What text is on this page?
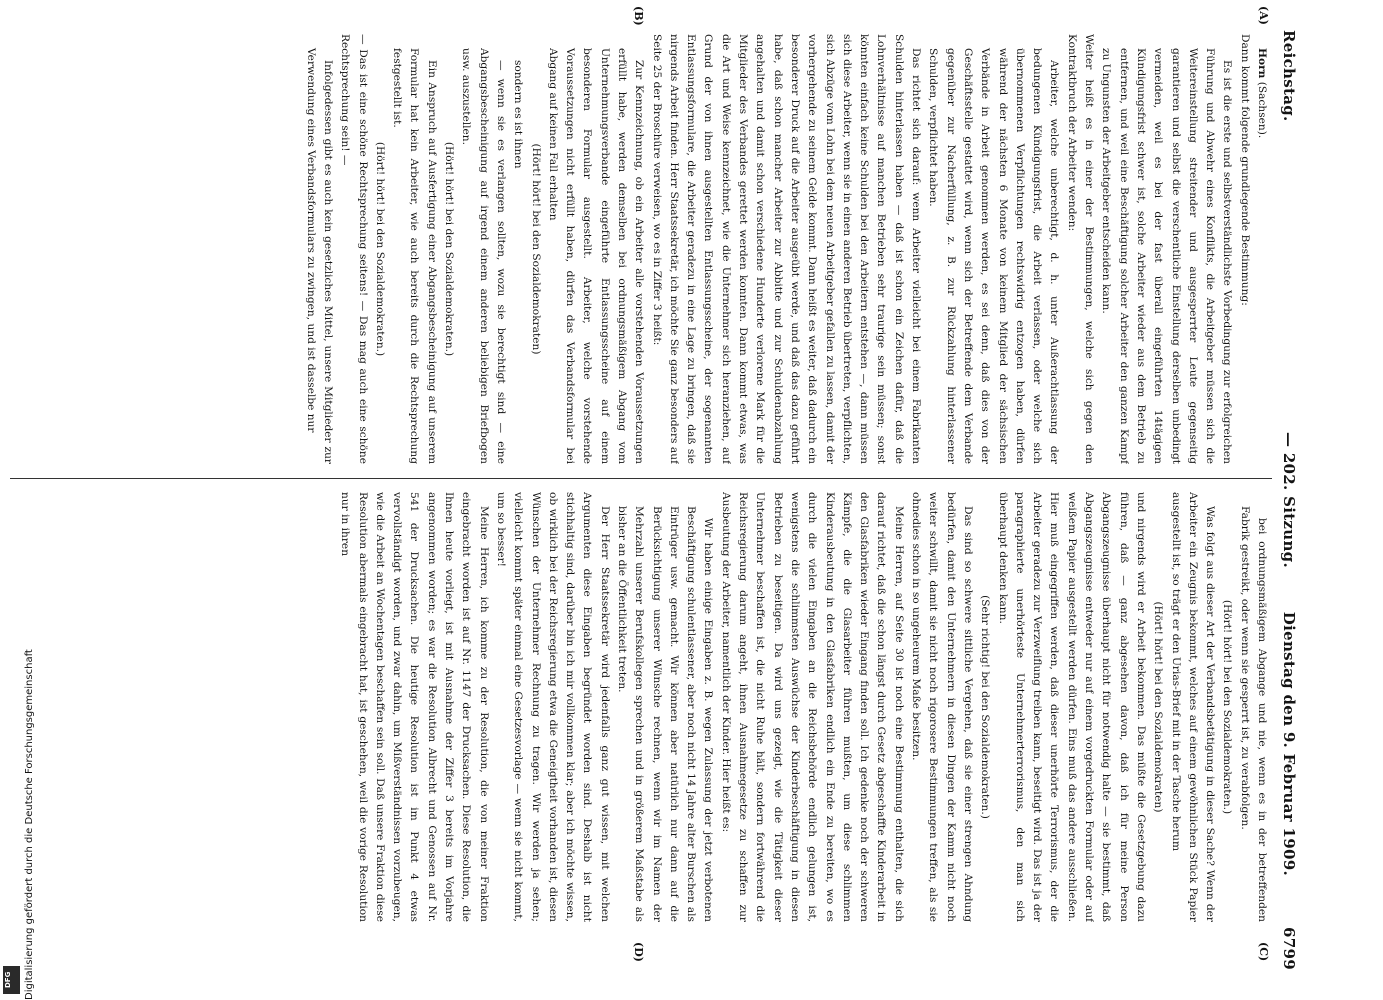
Reichstag.
— 202. Sitzung.
Dienstag den 9. Februar 1909.  6799
(A)
(B)
(C)
(D)

Horn (Sachsen).

Dann kommt folgende grundlegende Bestimmung:

Es ist die erste und selbstverständlichste Vorbedingung zur erfolgreichen Führung und Abwehr eines Konflikts, die Arbeitgeber müssen sich die Weitereinstellung streitender und ausgesperrter Leute gegenseitig garantieren und selbst die verschentliche Einstellung derselben unbedingt vermeiden, weil es bei der fast überall eingeführten 14tägigen Kündigungsfrist schwer ist, solche Arbeiter wieder aus dem Betrieb zu entfernen, und weil eine Beschäftigung solcher Arbeiter den ganzen Kampf zu Ungunsten der Arbeitgeber entscheiden kann.

Weiter heißt es in einer der Bestimmungen, welche sich gegen den Kontraktbruch der Arbeiter wenden:

Arbeiter, welche unberechtigt, d. h. unter Außerachtlassung der bedungenen Kündigungsfrist, die Arbeit verlassen, oder welche sich übernommenen Verpflichtungen rechtswidrig entzogen haben, dürfen während der nächsten 6 Monate von keinem Mitglied der sächsischen Verbände in Arbeit genommen werden, es sei denn, daß dies von der Geschäftsstelle gestattet wird, wenn sich der Betreffende dem Verbande gegenüber zur Nacherfüllung, z. B. zur Rückzahlung hinterlassener Schulden, verpflichtet haben.

Das richtet sich darauf: wenn Arbeiter vielleicht bei einem Fabrikanten Schulden hinterlassen haben — daß ist schon ein Zeichen dafür, daß die Lohnverhältnisse auf manchen Betrieben sehr traurige sein müssen; sonst könnten einfach keine Schulden bei den Arbeitern entstehen —, dann müssen sich diese Arbeiter, wenn sie in einen anderen Betrieb übertreten, verpflichten, sich Abzüge vom Lohn bei dem neuen Arbeitgeber gefallen zu lassen, damit der vorhergehende zu seinem Gelde kommt. Dann heißt es weiter, daß dadurch ein besonderer Druck auf die Arbeiter ausgeübt werde, und daß das dazu geführt habe, daß schon mancher Arbeiter zur Abbitte und zur Schuldenabzahlung angehalten und damit schon verschiedene Hunderte verlorene Mark für die Mitglieder des Verbandes gerettet werden konnten. Dann kommt etwas, was die Art und Weise kennzeichnet, wie die Unternehmer sich heranziehen, auf Grund der von ihnen ausgestellten Entlassungsscheine, der sogenannten Entlassungsformulare, die Arbeiter geradezu in eine Lage zu bringen, daß sie nirgends Arbeit finden. Herr Staatssekretär, ich möchte Sie ganz besonders auf Seite 25 der Broschüre verweisen, wo es in Ziffer 3 heißt:

Zur Kennzeichnung, ob ein Arbeiter alle vorstehenden Voraussetzungen erfüllt habe, werden demselben bei ordnungsmäßigem Abgang vom Unternehmungsverbande eingeführte Entlassungsscheine auf einem besonderen Formular ausgestellt. Arbeiter, welche vorstehende Voraussetzungen nicht erfüllt haben, dürfen das Verbandsformular bei Abgang auf keinen Fall erhalten

(Hört! hört! bei den Sozialdemokraten)

sondern es ist ihnen

— wenn sie es verlangen sollten, wozu sie berechtigt sind — eine Abgangsbescheinigung auf irgend einem anderen beliebigen Briefbogen usw. auszustellen.

(Hört! hört! bei den Sozialdemokraten.)

Ein Anspruch auf Ausfertigung einer Abgangsbescheinigung auf unserem Formular hat kein Arbeiter, wie auch bereits durch die Rechtsprechung festgestellt ist.

(Hört! hört! bei den Sozialdemokraten.)

— Das ist eine schöne Rechtsprechung seitens! — Das mag auch eine schöne Rechtsprechung sein! —

Infolgedessen gibt es auch kein gesetzliches Mittel, unsere Mitglieder zur Verwendung eines Verbandsformulars zu zwingen, und ist dasselbe nur

bei ordnungsmäßigem Abgange und nie, wenn es in der betreffenden Fabrik gestreikt, oder wenn sie gesperrt ist, zu verabfolgen.

(Hört! hört! bei den Sozialdemokraten.)

Was folgt aus dieser Art der Verbandsbetätigung in dieser Sache? Wenn der Arbeiter ein Zeugnis bekommt, welches auf einem gewöhnlichen Stück Papier ausgestellt ist, so trägt er den Urias-Brief mit in der Tasche herum

(Hört! hört! bei den Sozialdemokraten)

und nirgends wird er Arbeit bekommen. Das müßte die Gesetzgebung dazu führen, daß — ganz abgesehen davon, daß ich für meine Person Abgangszeugnisse überhaupt nicht für notwendig halte — sie bestimmt, daß Abgangszeugnisse entweder nur auf einem vorgedruckten Formular oder auf weißem Papier ausgestellt werden dürfen. Eins muß das andere ausschließen. Hier muß eingegriffen werden, daß dieser unerhörte Terrorismus, der die Arbeiter geradezu zur Verzweiflung treiben kann, beseitigt wird. Das ist ja der paragraphierte unerhörteste Unternehmerterrorismus, den man sich überhaupt denken kann.

(Sehr richtig! bei den Sozialdemokraten.)

Das sind so schwere sittliche Vergehen, daß sie einer strengen Ahndung bedürfen, damit den Unternehmern in diesen Dingen der Kamm nicht noch weiter schwillt, damit sie nicht noch rigorosere Bestimmungen treffen, als sie ohnedies schon in so ungeheurem Maße besitzen.

Meine Herren, auf Seite 30 ist noch eine Bestimmung enthalten, die sich darauf richtet, daß die schon längst durch Gesetz abgeschaffte Kinderarbeit in den Glasfabriken wieder Eingang finden soll. Ich gedenke noch der schweren Kämpfe, die die Glasarbeiter führen mußten, um diese schlimmen Kinderausbeutung in den Glasfabriken endlich ein Ende zu bereiten, wo es durch die vielen Eingaben an die Reichsbehörde endlich gelungen ist, wenigstens die schlimmsten Auswüchse der Kinderbeschäftigung in diesen Betrieben zu beseitigen. Da wird uns gezeigt, wie die Tätigkeit dieser Unternehmer beschaffen ist, die nicht Ruhe hält, sondern fortwährend die Reichsregierung darum angeht, ihnen Ausnahmegesetze zu schaffen zur Ausbeutung der Arbeiter, namentlich der Kinder. Hier heißt es:

Wir haben einige Eingaben z. B. wegen Zulassung der jetzt verbotenen Beschäftigung schulentlassener, aber noch nicht 14 Jahre alter Burschen als Eintrüger usw. gemacht. Wir können aber natürlich nur dann auf die Berücksichtigung unserer Wünsche rechnen, wenn wir im Namen der Mehrzahl unserer Berufskollegen sprechen und in größerem Maßstabe als bisher an die Öffentlichkeit treten.

Der Herr Staatssekretär wird jedenfalls ganz gut wissen, mit welchen Argumenten diese Eingaben begründet worden sind. Deshalb ist nicht stichhaltig sind, darüber bin ich mir vollkommen klar; aber ich möchte wissen, ob wirklich bei der Reichsregierung etwa die Geneigtheit vorhanden ist, diesen Wünschen der Unternehmer Rechnung zu tragen. Wir werden ja sehen; vielleicht kommt später einmal eine Gesetzesvorlage — wenn sie nicht kommt, um so besser!

Meine Herren, ich komme zu der Resolution, die von meiner Fraktion eingebracht worden ist auf Nr. 1147 der Drucksachen. Diese Resolution, die Ihnen heute vorliegt, ist mit Ausnahme der Ziffer 3 bereits im Vorjahre angenommen worden; es war die Resolution Albrecht und Genossen auf Nr. 541 der Drucksachen. Die heutige Resolution ist im Punkt 4 etwas vervollständigt worden, und zwar dahin, um Mißverständnissen vorzubeugen, wie die Arbeit an Wochentagen beschaffen sein soll. Daß unsere Fraktion diese Resolution abermals eingebracht hat, ist geschehen, weil die vorige Resolution nur in ihren

Digitalisierung gefördert durch die Deutsche Forschungsgemeinschaft
DFG
